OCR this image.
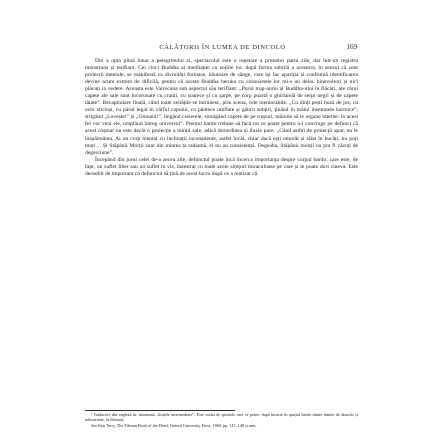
CÂLĂTORII ÎN LUMEA DE DINCOLO	169

Din a opta plină lunar a pelegrinului zi, spectacolul este o repetare a primelor patru zile, dar într-un registru monstruos și terifiant. Cei cinci Buddha ai meditației cu soțiile lor, după forma subtilă a acestora, în sensul că sunt proiecții mentale, se manifestă ca divinități furioase, băutoare de sânge, care își fac apariția și confruntă identificarea devine acum extrem de dificilă, pentru că aceste Buddha heruka cu consoartele lor mi-s un deloc binevoitori și nici plăcuți la vedere. Aceasta este Vairocana sub aspectul său terifiant: „Purul trup-auriu al Buddha-ului în flăcări, ale cărui capete ale sale sunt încoronate cu cranii, cu șoarece și cu șarpe, pe corp poartă o ghirlandă de serpi negri și de capete tăiate”. Recapitulare finală, când toate zeitățile se întrunesc, prin scena, cele memorabile. „Cu dinți pești buză de jos, cu ochi sticloși, cu părul legat în vârful capului, cu pântece umflate și gâturi subțiri, ținând în mâini însemnele karmice”, strigând „Lovește!” și „Omoară!”, lingând creierele, smulgând capete de pe trupuri, mâinile să le organe interne: în acest fel vor veni ele, umplând întreg universul”. Preotul bardo trebuie să facă tot ce poate pentru a-l convinge pe defunct că acest coșmar nu este decât o proiecție a minții sale, adică dezordinea și iluzie pure. „Când astfel de proiecții apar, nu te înspăimânta. Ai un corp mental cu înclinații inconștiente, astfel încât, chiar dacă ești omorât și tăiat în bucăți, nu poți muri… Și Stăpânii Morții sunt din mintea ta radiantă, ei nu au consistență. Degeaba, Stăpânii morții nu pot fi văzuți de degerciune”.

Începând din jurul celei de-a zecea zile, defunctul poate încă încerca importanța despre corpul bardo, care este, de fapt, un suflet liber sau un suflet în vis, înzestrat cu toate acele simțuri miraculoase pe care și le poate dori cineva. Este deosebit de important ca defunctul să țină de acest lucru după ce a realizat că

¹ Traducere din engleză în: înseamnă „ființele intermediare”. Este vorba de spiritele care se petrec după moarte în spațiul bardo dintre lumile de dincolo și reîncarnare, în tibetană.

See Ken Terry, The Tibetan Book of the Dead, Oxford University Press, 1960, pp. 147–148 și urm.
